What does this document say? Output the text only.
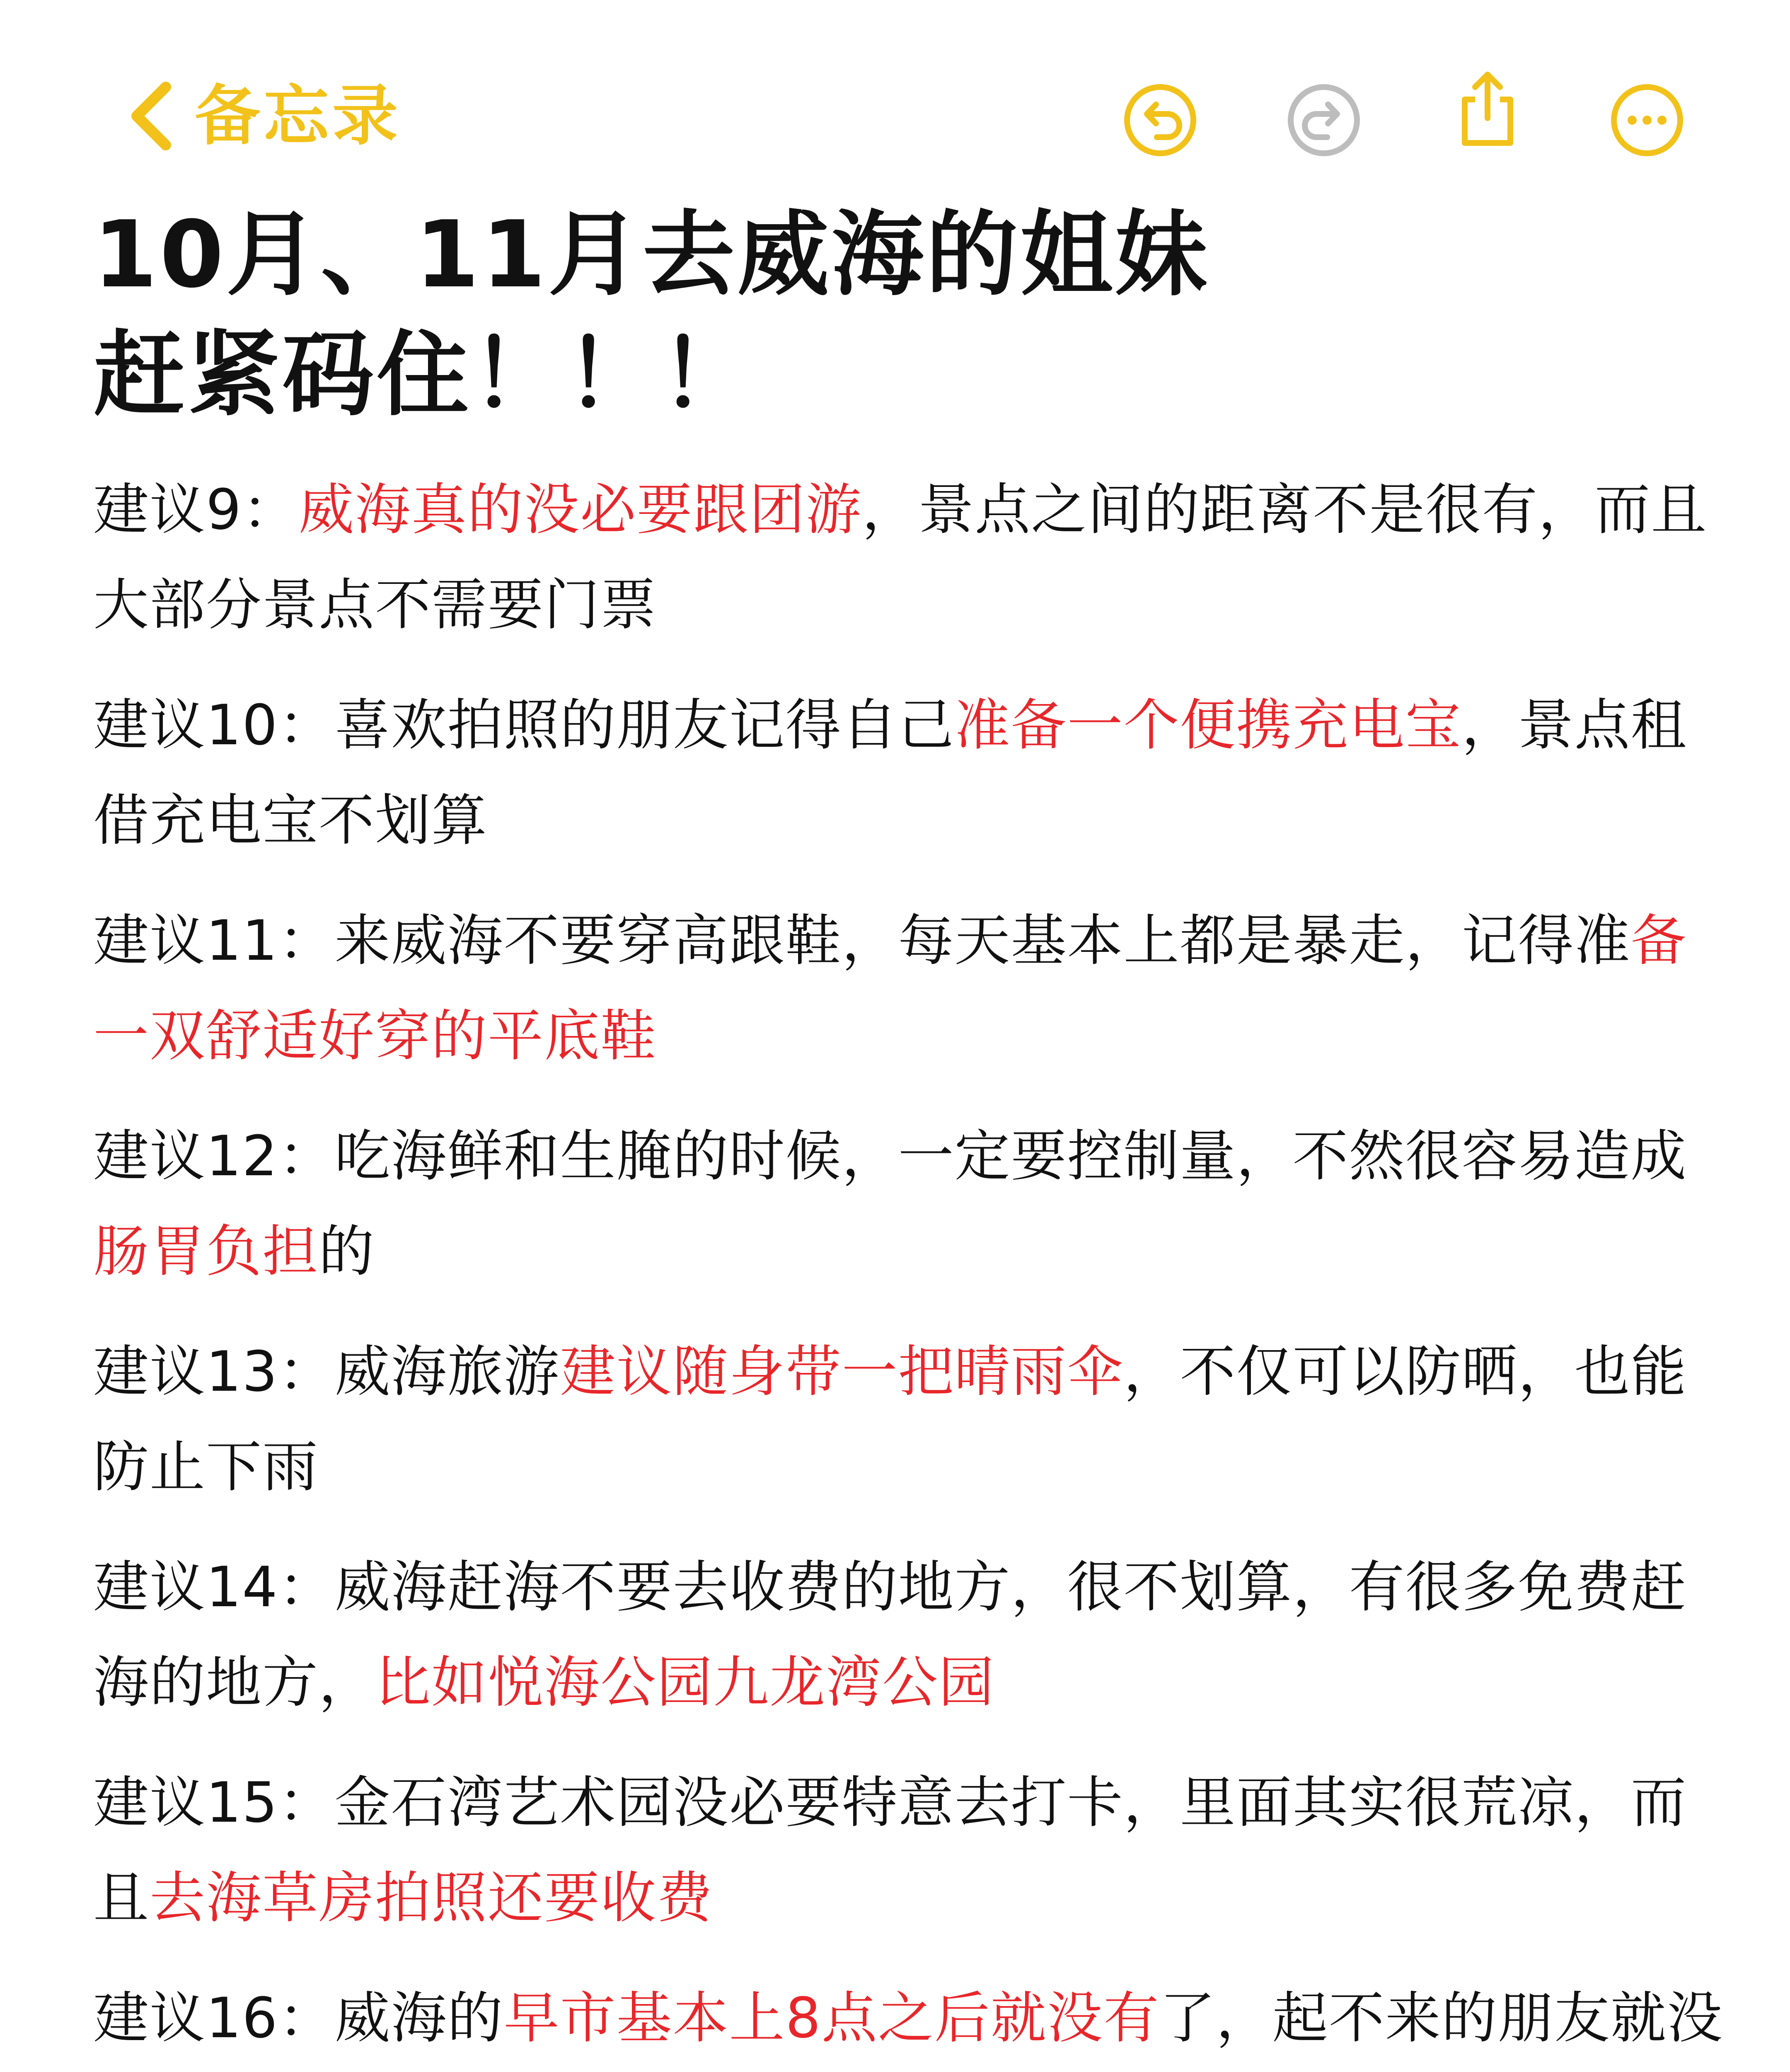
备忘录
10月、11月去威海的姐妹
赶紧码住！！！

建议9：威海真的没必要跟团游，景点之间的距离不是很有，而且大部分景点不需要门票

建议10：喜欢拍照的朋友记得自己准备一个便携充电宝，景点租借充电宝不划算

建议11：来威海不要穿高跟鞋，每天基本上都是暴走，记得准备一双舒适好穿的平底鞋

建议12：吃海鲜和生腌的时候，一定要控制量，不然很容易造成肠胃负担的

建议13：威海旅游建议随身带一把晴雨伞，不仅可以防晒，也能防止下雨

建议14：威海赶海不要去收费的地方，很不划算，有很多免费赶海的地方，比如悦海公园九龙湾公园

建议15：金石湾艺术园没必要特意去打卡，里面其实很荒凉，而且去海草房拍照还要收费

建议16：威海的早市基本上8点之后就没有了，起不来的朋友就没
